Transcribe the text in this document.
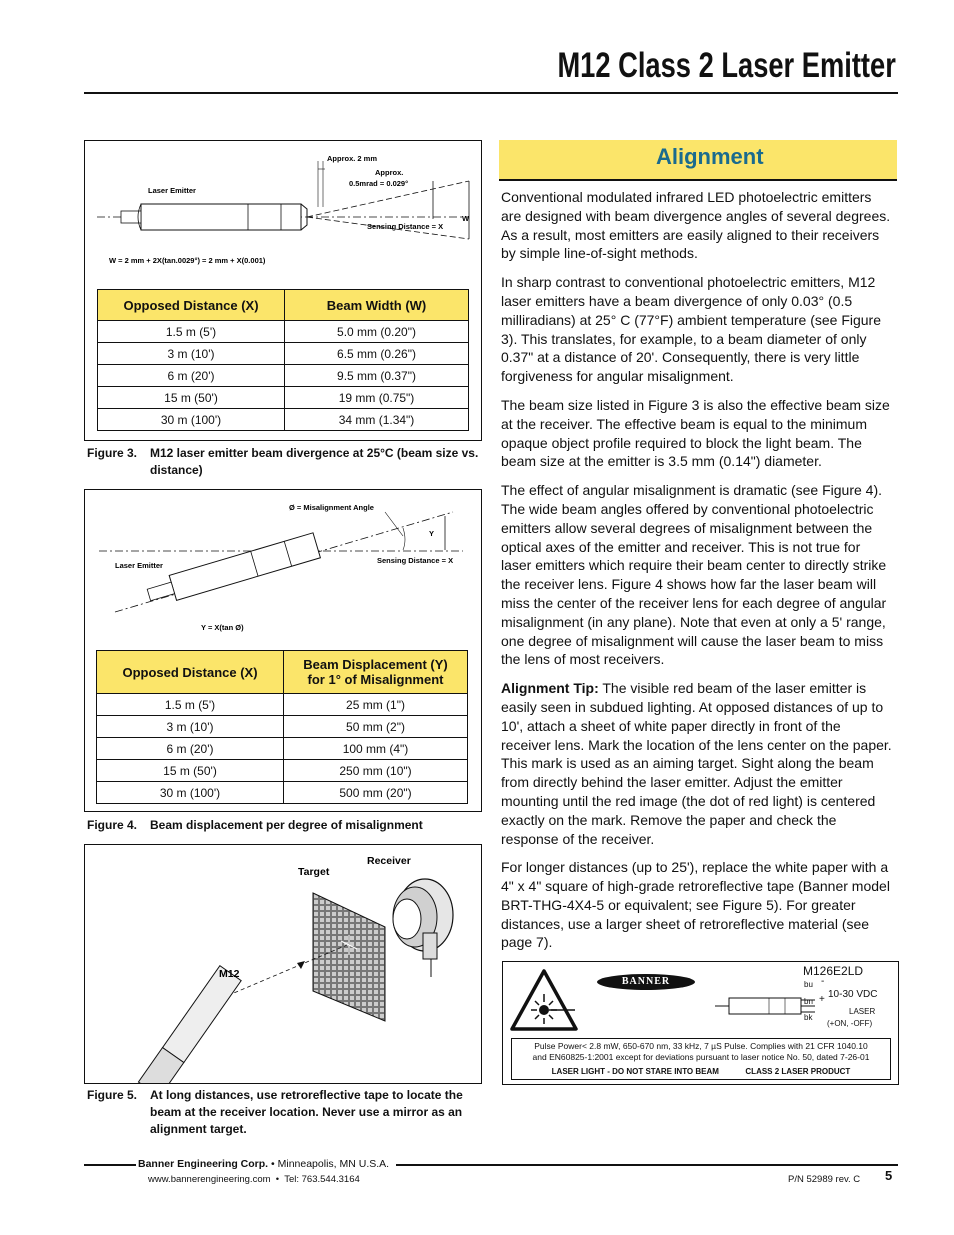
M12 Class 2 Laser Emitter
Approx. 2 mm
Approx.
0.5mrad = 0.029°
Laser Emitter
W
Sensing Distance = X
W = 2 mm + 2X(tan.0029°) = 2 mm + X(0.001)
Opposed Distance (X)	Beam Width (W)
1.5 m (5')	5.0 mm (0.20")
3 m (10')	6.5 mm (0.26")
6 m (20')	9.5 mm (0.37")
15 m (50')	19 mm (0.75")
30 m (100')	34 mm (1.34")
Figure 3. M12 laser emitter beam divergence at 25°C (beam size vs. distance)
Ø = Misalignment Angle
Y
Laser Emitter
Sensing Distance = X
Y = X(tan Ø)
Opposed Distance (X)	Beam Displacement (Y)
for 1° of Misalignment
1.5 m (5')	25 mm (1")
3 m (10')	50 mm (2")
6 m (20')	100 mm (4")
15 m (50')	250 mm (10")
30 m (100')	500 mm (20")
Figure 4. Beam displacement per degree of misalignment
Receiver
Target
M12
Figure 5. At long distances, use retroreflective tape to locate the beam at the receiver location. Never use a mirror as an alignment target.
Alignment

Conventional modulated infrared LED photoelectric emitters are designed with beam divergence angles of several degrees. As a result, most emitters are easily aligned to their receivers by simple line-of-sight methods.

In sharp contrast to conventional photoelectric emitters, M12 laser emitters have a beam divergence of only 0.03° (0.5 milliradians) at 25° C (77°F) ambient temperature (see Figure 3). This translates, for example, to a beam diameter of only 0.37" at a distance of 20'. Consequently, there is very little forgiveness for angular misalignment.

The beam size listed in Figure 3 is also the effective beam size at the receiver. The effective beam is equal to the minimum opaque object profile required to block the light beam. The beam size at the emitter is 3.5 mm (0.14") diameter.

The effect of angular misalignment is dramatic (see Figure 4). The wide beam angles offered by conventional photoelectric emitters allow several degrees of misalignment between the optical axes of the emitter and receiver. This is not true for laser emitters which require their beam center to directly strike the receiver lens. Figure 4 shows how far the laser beam will miss the center of the receiver lens for each degree of angular misalignment (in any plane). Note that even at only a 5' range, one degree of misalignment will cause the laser beam to miss the lens of most receivers.

Alignment Tip: The visible red beam of the laser emitter is easily seen in subdued lighting. At opposed distances of up to 10', attach a sheet of white paper directly in front of the receiver lens. Mark the location of the lens center on the paper. This mark is used as an aiming target. Sight along the beam from directly behind the laser emitter. Adjust the emitter mounting until the red image (the dot of red light) is centered exactly on the mark. Remove the paper and check the response of the receiver.

For longer distances (up to 25'), replace the white paper with a 4" x 4" square of high-grade retroreflective tape (Banner model BRT-THG-4X4-5 or equivalent; see Figure 5). For greater distances, use a larger sheet of retroreflective material (see page 7).

BANNER
M126E2LD
bu -
bn + 10-30 VDC
bk
LASER
(+ON, -OFF)
Pulse Power< 2.8 mW, 650-670 nm, 33 kHz, 7 µS Pulse. Complies with 21 CFR 1040.10
and EN60825-1:2001 except for deviations pursuant to laser notice No. 50, dated 7-26-01
LASER LIGHT - DO NOT STARE INTO BEAM	CLASS 2 LASER PRODUCT
Banner Engineering Corp. • Minneapolis, MN U.S.A.
www.bannerengineering.com  •  Tel: 763.544.3164	P/N 52989 rev. C 5
